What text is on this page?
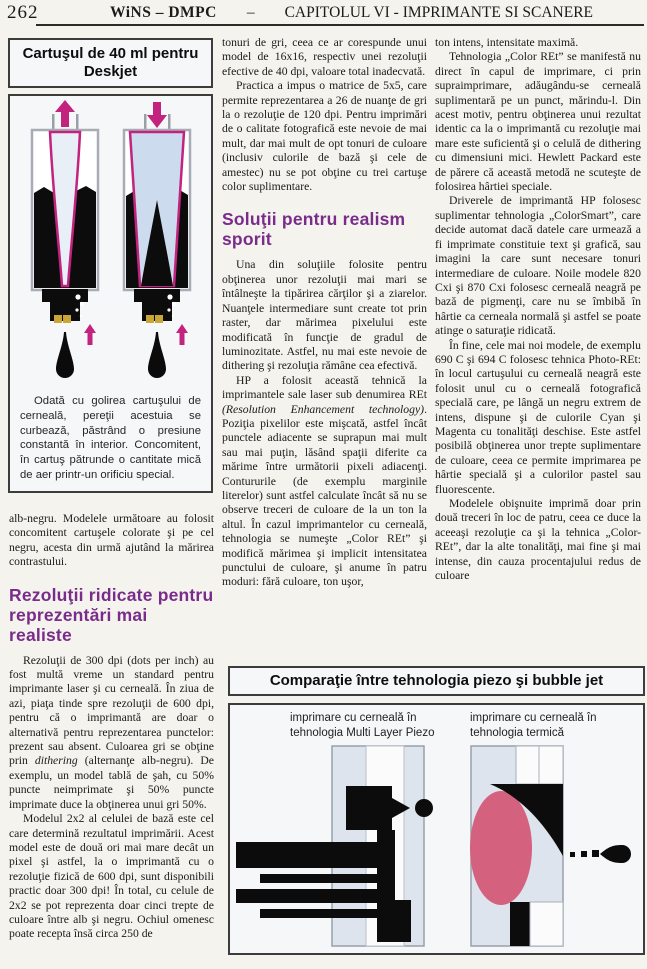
262	WiNS – DMPC – CAPITOLUL VI - IMPRIMANTE SI SCANERE
Cartuşul de 40 ml pentru Deskjet
Odată cu golirea cartuşului de cerneală, pereţii acestuia se curbează, păstrând o presiune constantă în interior. Concomitent, în cartuş pătrunde o cantitate mică de aer printr-un orificiu special.

alb-negru. Modelele următoare au folosit concomitent cartuşele colorate şi pe cel negru, acesta din urmă ajutând la mărirea contrastului.

Rezoluţii ridicate pentru reprezentări mai realiste

Rezoluţii de 300 dpi (dots per inch) au fost multă vreme un standard pentru imprimante laser şi cu cerneală. În ziua de azi, piaţa tinde spre rezoluţii de 600 dpi, pentru că o imprimantă are doar o alternativă pentru reprezentarea punctelor: prezent sau absent. Culoarea gri se obţine prin dithering (alternanţe alb-negru). De exemplu, un model tablă de şah, cu 50% puncte neimprimate şi 50% puncte imprimate duce la obţinerea unui gri 50%.

Modelul 2x2 al celulei de bază este cel care determină rezultatul imprimării. Acest model este de două ori mai mare decât un pixel şi astfel, la o imprimantă cu o rezoluţie fizică de 600 dpi, sunt disponibili practic doar 300 dpi! În total, cu celule de 2x2 se pot reprezenta doar cinci trepte de culoare între alb şi negru. Ochiul omenesc poate recepta însă circa 250 de

tonuri de gri, ceea ce ar corespunde unui model de 16x16, respectiv unei rezoluţii efective de 40 dpi, valoare total inadecvată.

Practica a impus o matrice de 5x5, care permite reprezentarea a 26 de nuanţe de gri la o rezoluţie de 120 dpi. Pentru imprimări de o calitate fotografică este nevoie de mai mult, dar mai mult de opt tonuri de culoare (inclusiv culorile de bază şi cele de amestec) nu se pot obţine cu trei cartuşe color suplimentare.

Soluţii pentru realism sporit

Una din soluţiile folosite pentru obţinerea unor rezoluţii mai mari se întâlneşte la tipărirea cărţilor şi a ziarelor. Nuanţele intermediare sunt create tot prin raster, dar mărimea pixelului este modificată în funcţie de gradul de luminozitate. Astfel, nu mai este nevoie de dithering şi rezoluţia rămâne cea efectivă.

HP a folosit această tehnică la imprimantele sale laser sub denumirea REt (Resolution Enhancement technology). Poziţia pixelilor este mişcată, astfel încât punctele adiacente se suprapun mai mult sau mai puţin, lăsând spaţii diferite ca mărime între următorii pixeli adiacenţi. Contururile (de exemplu marginile literelor) sunt astfel calculate încât să nu se observe treceri de culoare de la un ton la altul. În cazul imprimantelor cu cerneală, tehnologia se numeşte „Color REt” şi modifică mărimea şi implicit intensitatea punctului de culoare, şi anume în patru moduri: fără culoare, ton uşor,

ton intens, intensitate maximă.

Tehnologia „Color REt” se manifestă nu direct în capul de imprimare, ci prin supraimprimare, adăugându-se cerneală suplimentară pe un punct, mărindu-l. Din acest motiv, pentru obţinerea unui rezultat identic ca la o imprimantă cu rezoluţie mai mare este suficientă şi o celulă de dithering cu dimensiuni mici. Hewlett Packard este de părere că această metodă ne scuteşte de folosirea hârtiei speciale.

Driverele de imprimantă HP folosesc suplimentar tehnologia „ColorSmart”, care decide automat dacă datele care urmează a fi imprimate constituie text şi grafică, sau imagini la care sunt necesare tonuri intermediare de culoare. Noile modele 820 Cxi şi 870 Cxi folosesc cerneală neagră pe bază de pigmenţi, care nu se îmbibă în hârtie ca cerneala normală şi astfel se poate atinge o saturaţie ridicată.

În fine, cele mai noi modele, de exemplu 690 C şi 694 C folosesc tehnica Photo-REt: în locul cartuşului cu cerneală neagră este folosit unul cu o cerneală fotografică specială care, pe lângă un negru extrem de intens, dispune şi de culorile Cyan şi Magenta cu tonalităţi deschise. Este astfel posibilă obţinerea unor trepte suplimentare de culoare, ceea ce permite imprimarea pe hârtie specială şi a culorilor pastel sau fluorescente.

Modelele obişnuite imprimă doar prin două treceri în loc de patru, ceea ce duce la aceeaşi rezoluţie ca şi la tehnica „Color-REt”, dar la alte tonalităţi, mai fine şi mai intense, din cauza procentajului redus de culoare

Comparaţie între tehnologia piezo şi bubble jet
imprimare cu cerneală în tehnologia Multi Layer Piezo
imprimare cu cerneală în tehnologia termică
